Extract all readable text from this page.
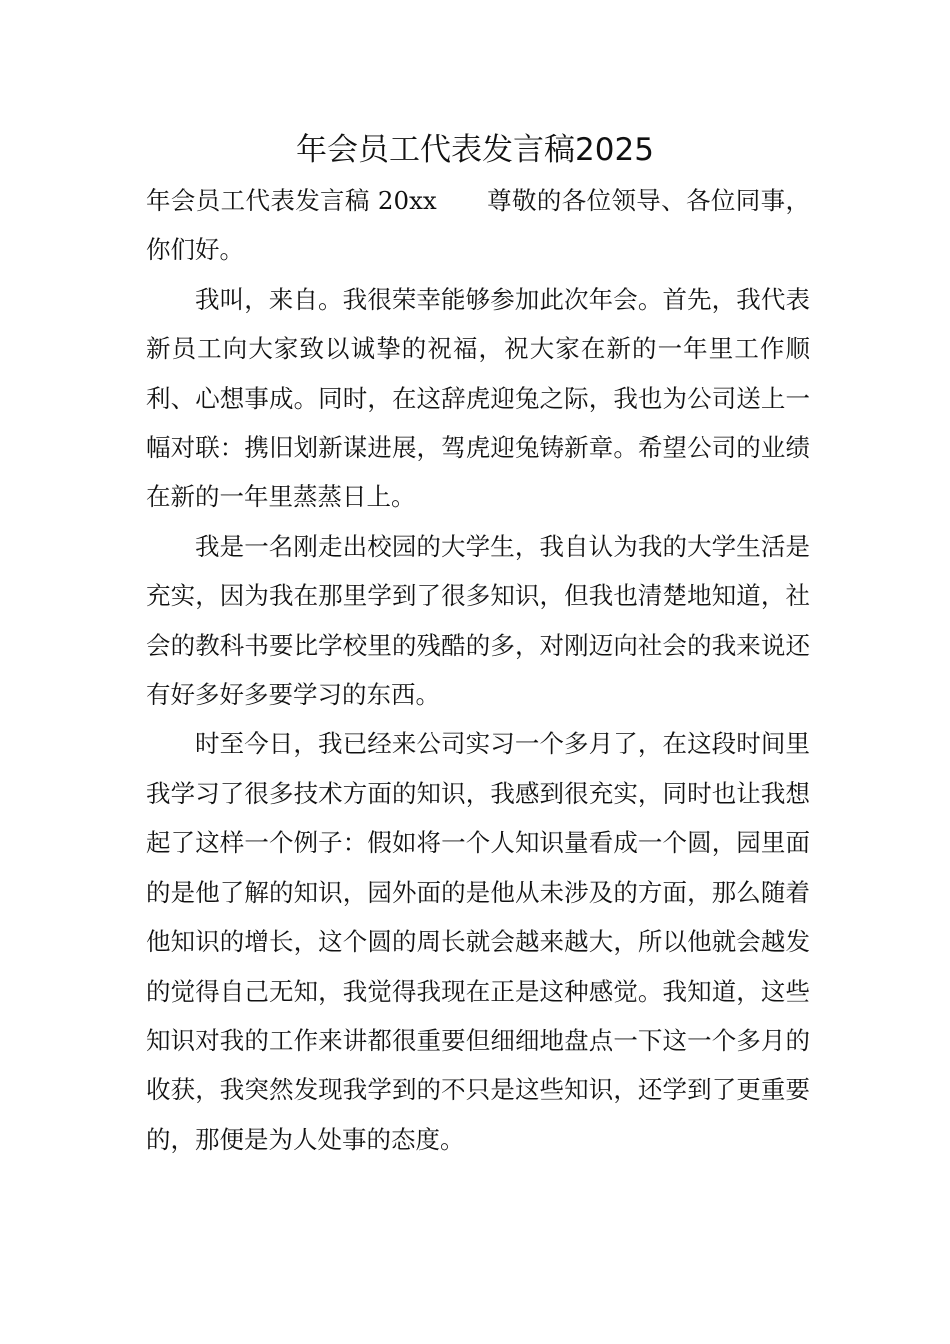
年会员工代表发言稿2025

年会员工代表发言稿 20xx 尊敬的各位领导、各位同事，你们好。

我叫，来自。我很荣幸能够参加此次年会。首先，我代表新员工向大家致以诚挚的祝福，祝大家在新的一年里工作顺利、心想事成。同时，在这辞虎迎兔之际，我也为公司送上一幅对联：携旧划新谋进展，驾虎迎兔铸新章。希望公司的业绩在新的一年里蒸蒸日上。

我是一名刚走出校园的大学生，我自认为我的大学生活是充实，因为我在那里学到了很多知识，但我也清楚地知道，社会的教科书要比学校里的残酷的多，对刚迈向社会的我来说还有好多好多要学习的东西。

时至今日，我已经来公司实习一个多月了，在这段时间里我学习了很多技术方面的知识，我感到很充实，同时也让我想起了这样一个例子：假如将一个人知识量看成一个圆，园里面的是他了解的知识，园外面的是他从未涉及的方面，那么随着他知识的增长，这个圆的周长就会越来越大，所以他就会越发的觉得自己无知，我觉得我现在正是这种感觉。我知道，这些知识对我的工作来讲都很重要但细细地盘点一下这一个多月的收获，我突然发现我学到的不只是这些知识，还学到了更重要的，那便是为人处事的态度。
